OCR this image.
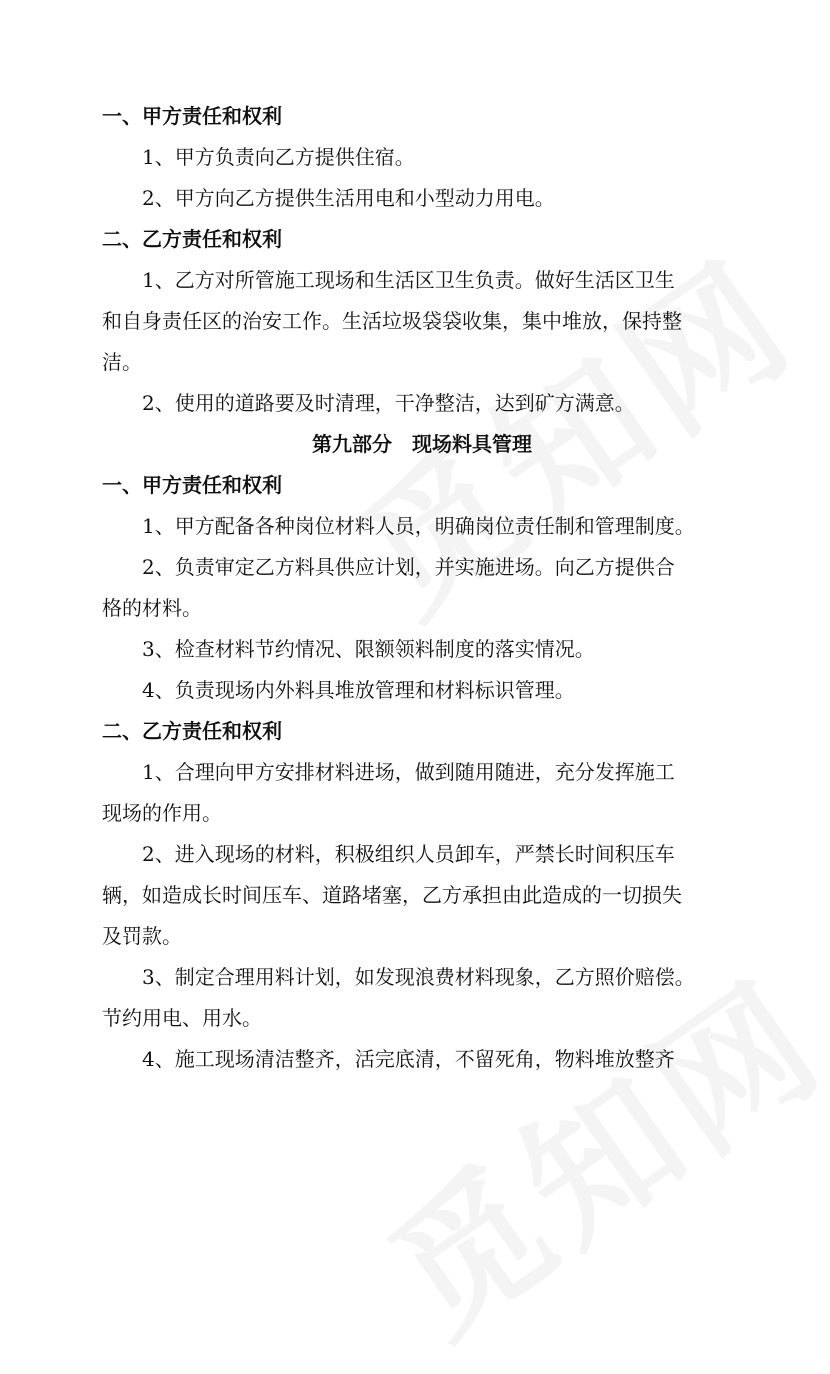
一、甲方责任和权利

1、甲方负责向乙方提供住宿。

2、甲方向乙方提供生活用电和小型动力用电。

二、乙方责任和权利

1、乙方对所管施工现场和生活区卫生负责。做好生活区卫生

和自身责任区的治安工作。生活垃圾袋袋收集，集中堆放，保持整

洁。

2、使用的道路要及时清理，干净整洁，达到矿方满意。

第九部分　现场料具管理

一、甲方责任和权利

1、甲方配备各种岗位材料人员，明确岗位责任制和管理制度。

2、负责审定乙方料具供应计划，并实施进场。向乙方提供合

格的材料。

3、检查材料节约情况、限额领料制度的落实情况。

4、负责现场内外料具堆放管理和材料标识管理。

二、乙方责任和权利

1、合理向甲方安排材料进场，做到随用随进，充分发挥施工

现场的作用。

2、进入现场的材料，积极组织人员卸车，严禁长时间积压车

辆，如造成长时间压车、道路堵塞，乙方承担由此造成的一切损失

及罚款。

3、制定合理用料计划，如发现浪费材料现象，乙方照价赔偿。

节约用电、用水。

4、施工现场清洁整齐，活完底清，不留死角，物料堆放整齐
